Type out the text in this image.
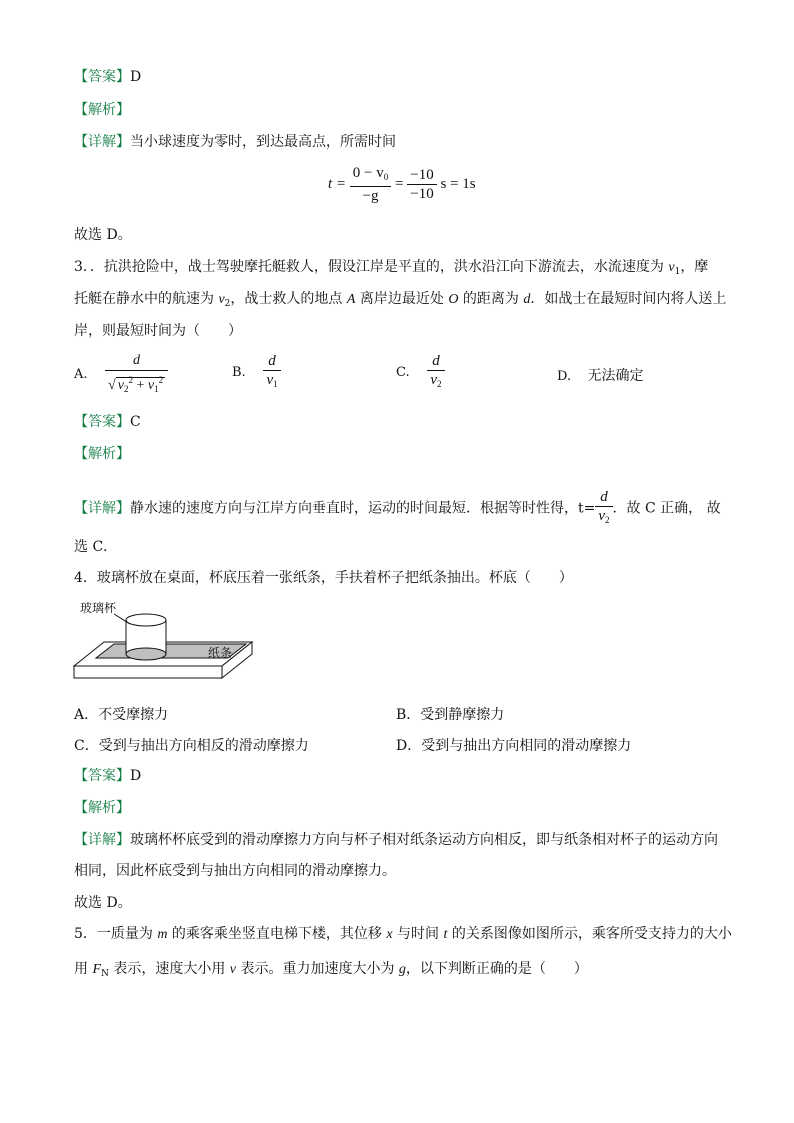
【答案】D
【解析】
【详解】当小球速度为零时，到达最高点，所需时间
$t = \frac{0 - v_0}{-g} = \frac{-10}{-10}$ s = 1s
故选 D。
3．．抗洪抢险中，战士驾驶摩托艇救人，假设江岸是平直的，洪水沿江向下游流去，水流速度为 $v_1$，摩
托艇在静水中的航速为 $v_2$，战士救人的地点 A 离岸边最近处 O 的距离为 d．如战士在最短时间内将人送上
岸，则最短时间为（　　）
A. $\frac{d}{√ v_2^2 + v_1^2}$	B. $\frac{d}{v_1}$	C. $\frac{d}{v_2}$	D. 无法确定
【答案】C
【解析】
【详解】静水速的速度方向与江岸方向垂直时，运动的时间最短．根据等时性得，$t= \frac{d}{v_2}$ ．故 C 正确， 故
选 C．
4．玻璃杯放在桌面，杯底压着一张纸条，手扶着杯子把纸条抽出。杯底（　　）
玻璃杯
纸条
A．不受摩擦力	B．受到静摩擦力
C．受到与抽出方向相反的滑动摩擦力	D．受到与抽出方向相同的滑动摩擦力
【答案】D
【解析】
【详解】玻璃杯杯底受到的滑动摩擦力方向与杯子相对纸条运动方向相反，即与纸条相对杯子的运动方向
相同，因此杯底受到与抽出方向相同的滑动摩擦力。
故选 D。
5．一质量为 m 的乘客乘坐竖直电梯下楼，其位移 x 与时间 t 的关系图像如图所示，乘客所受支持力的大小
用 $F_N$ 表示，速度大小用 v 表示。重力加速度大小为 g，以下判断正确的是（　　）
